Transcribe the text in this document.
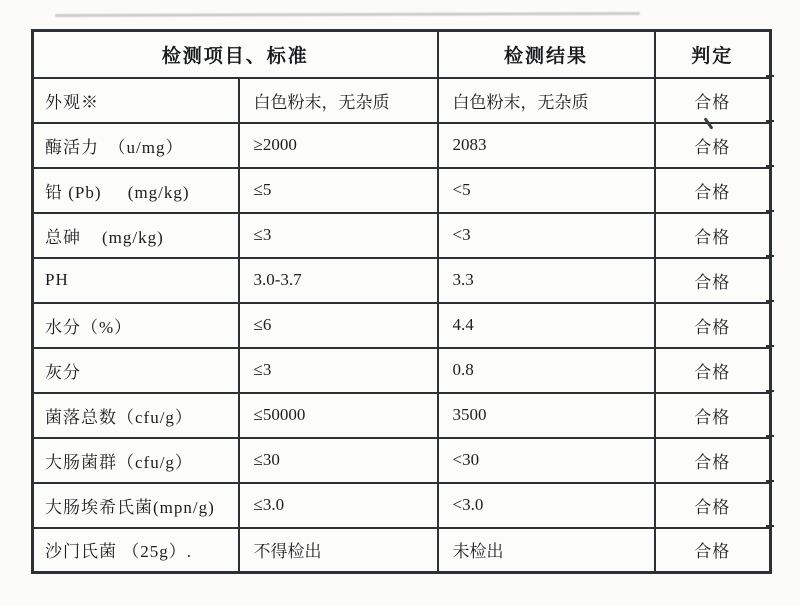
检测项目、标准		检测结果	判定
外观※	白色粉末，无杂质	白色粉末，无杂质	合格
酶活力　（u/mg）	≥2000	2083	合格
铅 (Pb)     (mg/kg)	≤5	<5	合格
总砷    (mg/kg)	≤3	<3	合格
PH	3.0-3.7	3.3	合格
水分（%）	≤6	4.4	合格
灰分	≤3	0.8	合格
菌落总数（cfu/g）	≤50000	3500	合格
大肠菌群（cfu/g）	≤30	<30	合格
大肠埃希氏菌(mpn/g)	≤3.0	<3.0	合格
沙门氏菌 （25g）.	不得检出	未检出	合格
